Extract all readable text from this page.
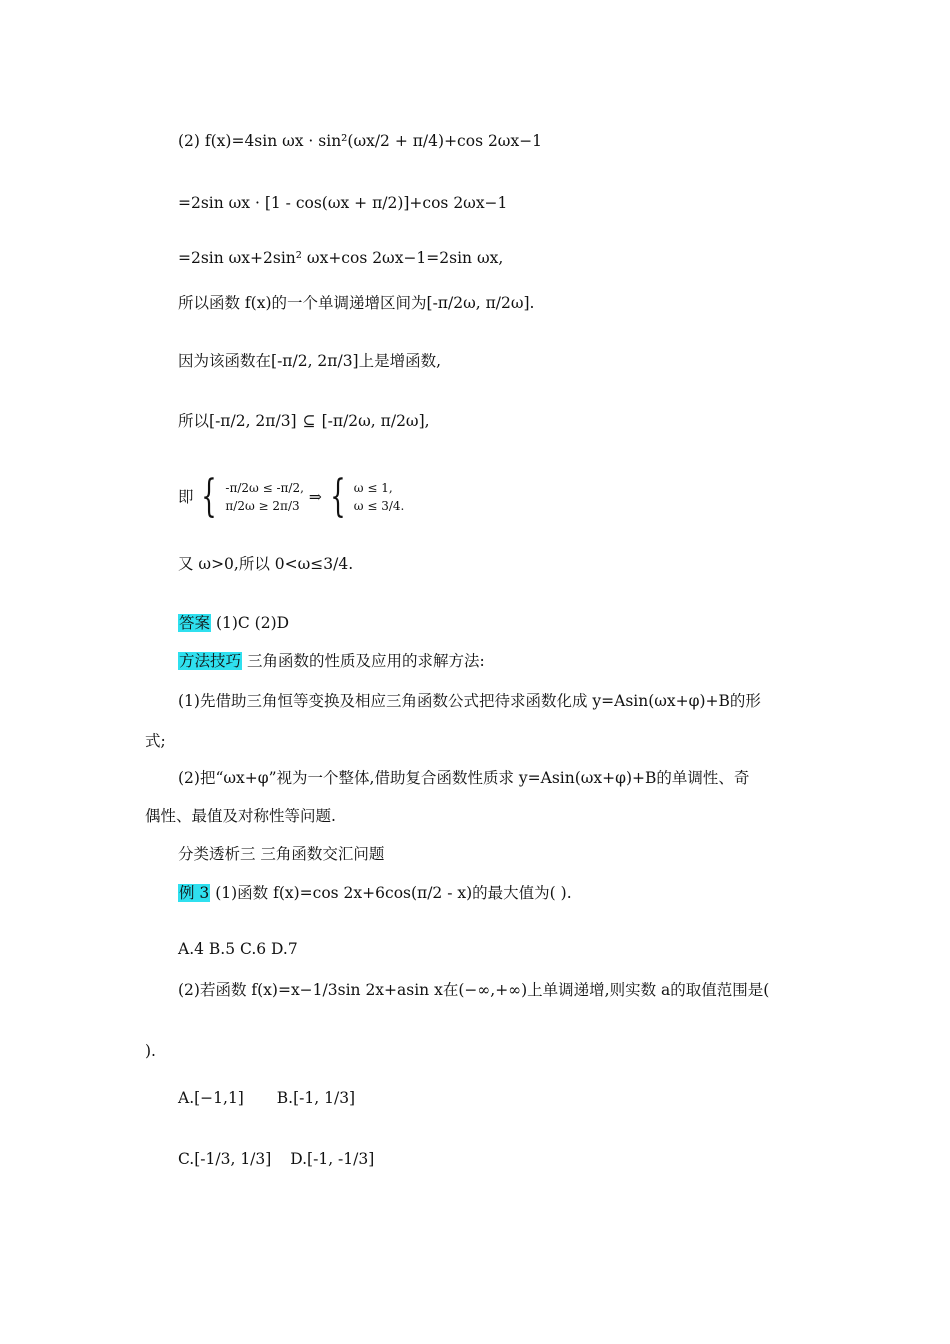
(2) f(x)=4sin ωx · sin²(ωx/2 + π/4)+cos 2ωx−1
=2sin ωx · [1 - cos(ωx + π/2)]+cos 2ωx−1
=2sin ωx+2sin² ωx+cos 2ωx−1=2sin ωx,
所以函数 f(x)的一个单调递增区间为[-π/2ω, π/2ω].
因为该函数在[-π/2, 2π/3]上是增函数,
所以[-π/2, 2π/3] ⊆ [-π/2ω, π/2ω],
即 { -π/2ω ≤ -π/2,
π/2ω ≥ 2π/3 ⇒ { ω ≤ 1,
ω ≤ 3/4.
又 ω>0,所以 0<ω≤3/4.
答案 (1)C (2)D
方法技巧 三角函数的性质及应用的求解方法:
(1)先借助三角恒等变换及相应三角函数公式把待求函数化成 y=Asin(ωx+φ)+B的形
式;
(2)把“ωx+φ”视为一个整体,借助复合函数性质求 y=Asin(ωx+φ)+B的单调性、奇
偶性、最值及对称性等问题.
分类透析三 三角函数交汇问题
例 3 (1)函数 f(x)=cos 2x+6cos(π/2 - x)的最大值为( ).
A.4 B.5 C.6 D.7
(2)若函数 f(x)=x−1/3sin 2x+asin x在(−∞,+∞)上单调递增,则实数 a的取值范围是(
).
A.[−1,1] B.[-1, 1/3]
C.[-1/3, 1/3] D.[-1, -1/3]
